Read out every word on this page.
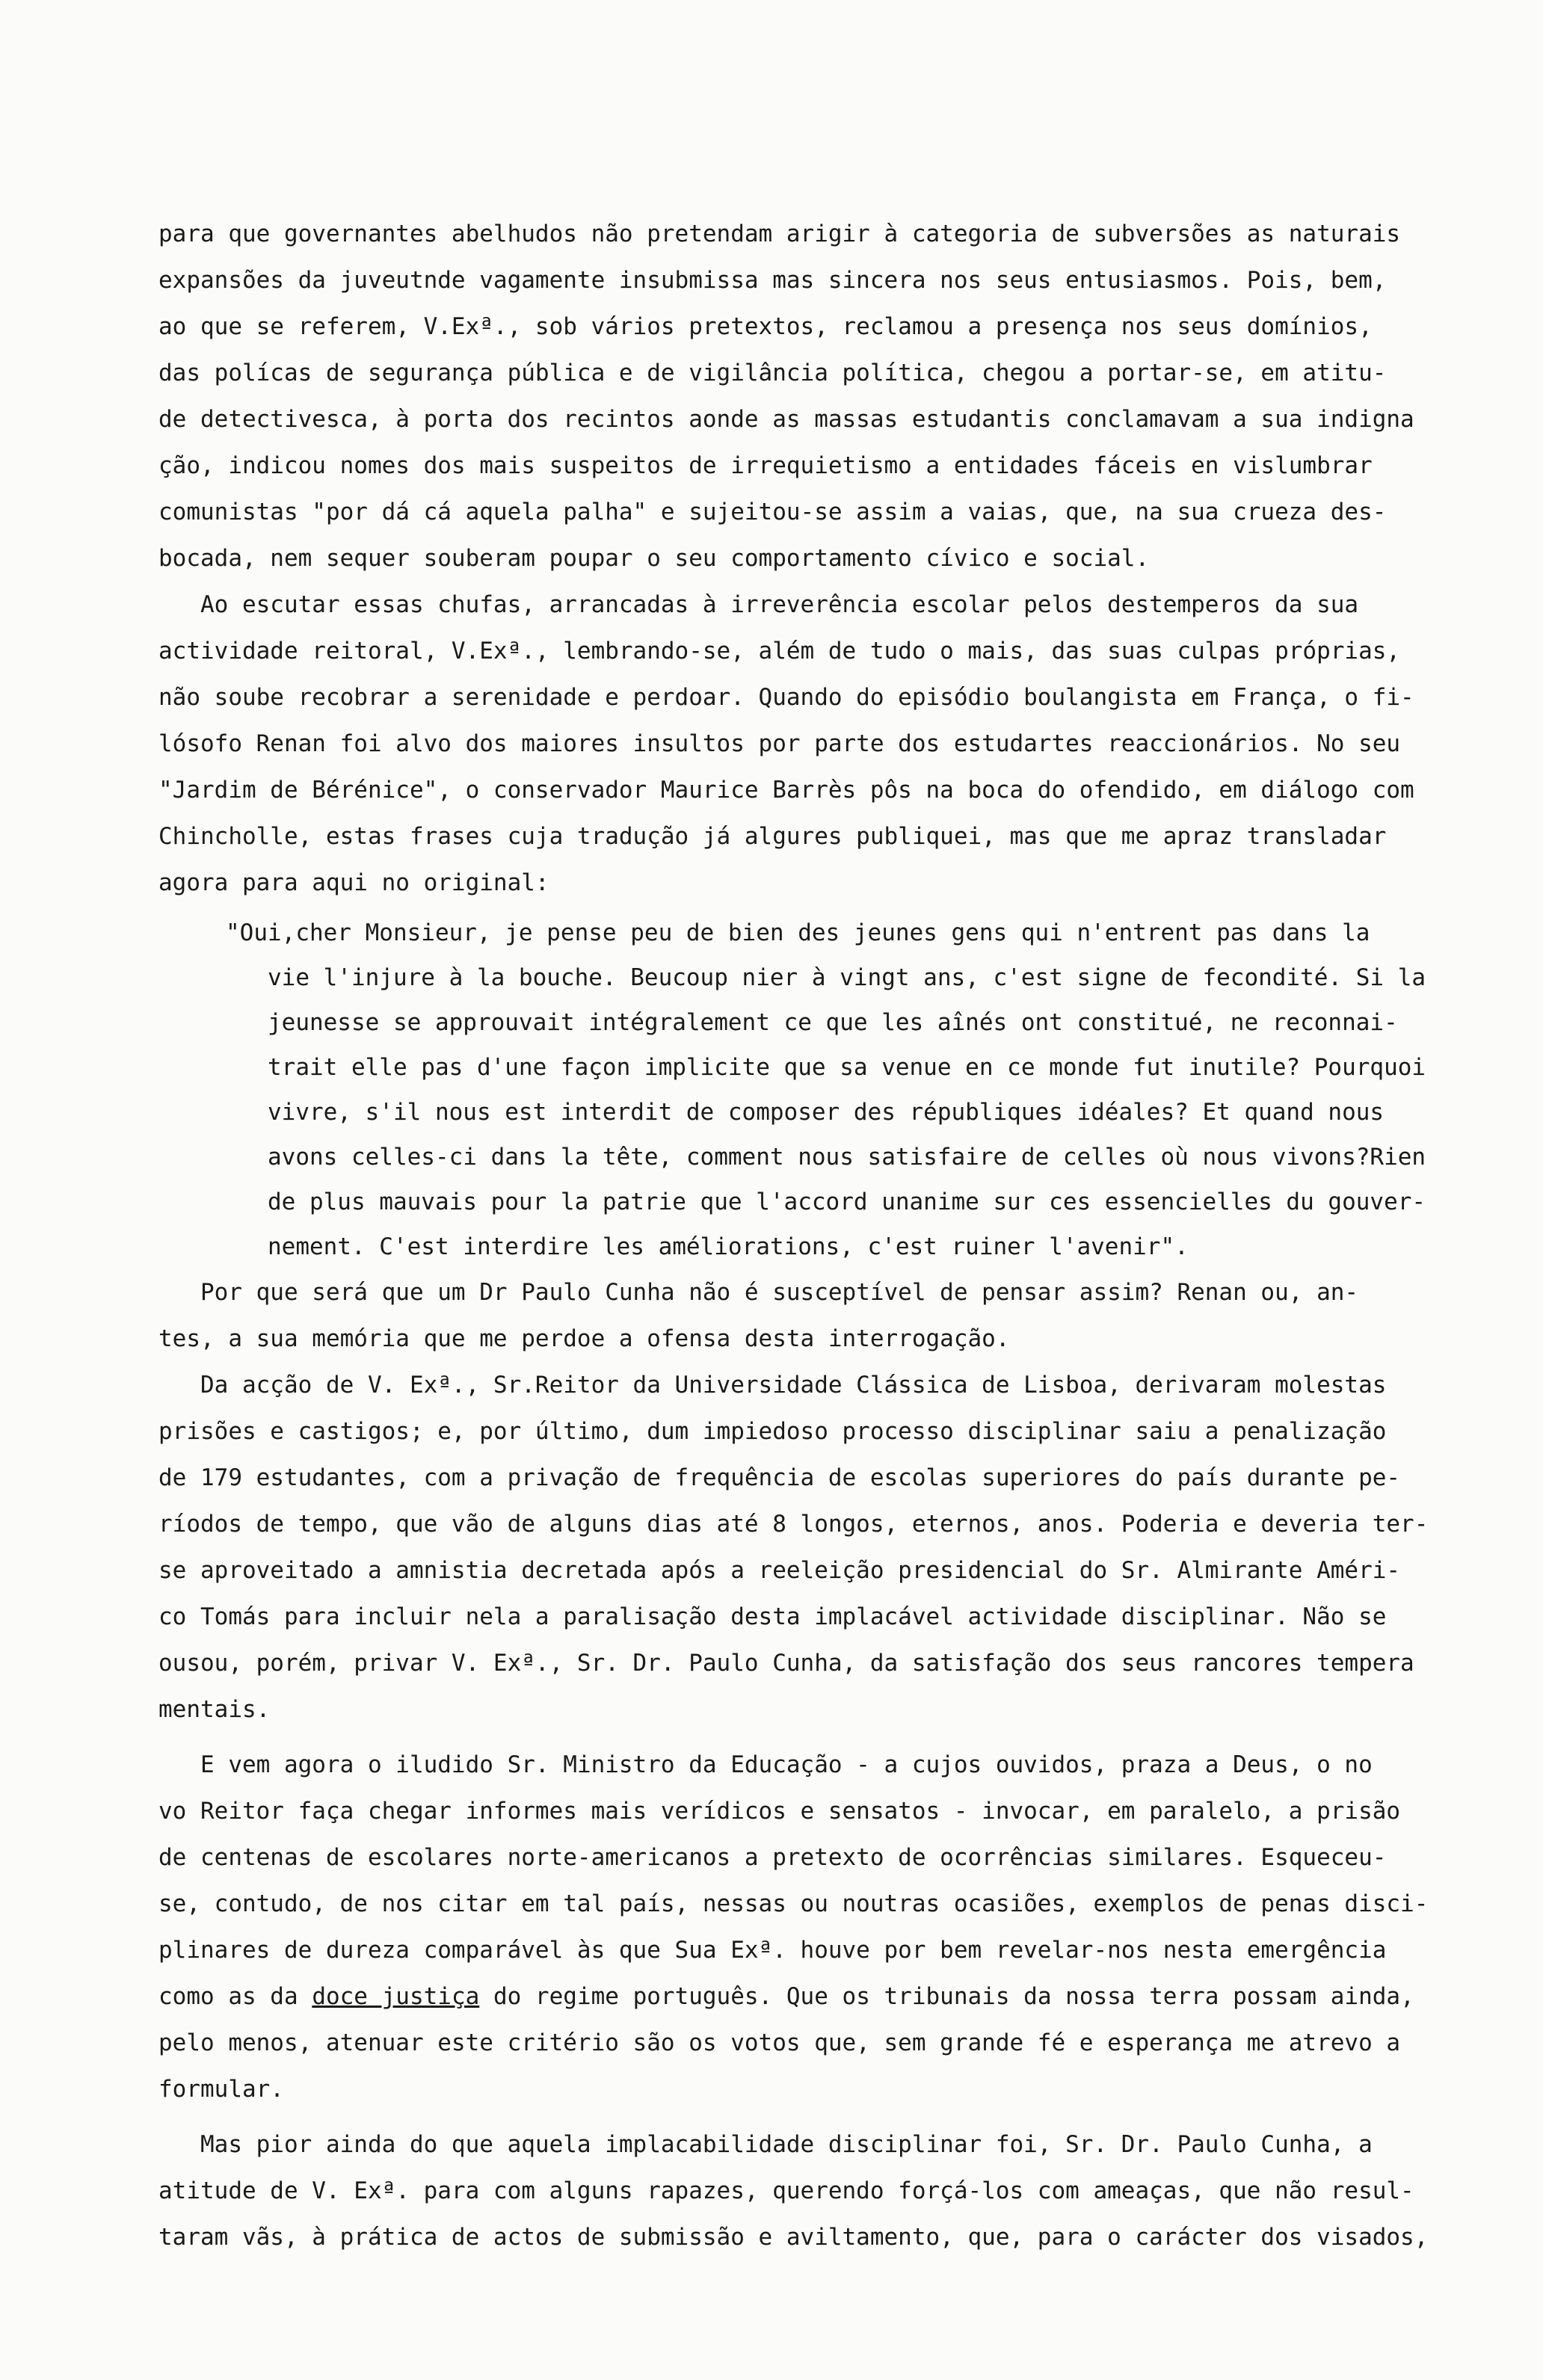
para que governantes abelhudos não pretendam arigir à categoria de subversões as naturais
expansões da juveutnde vagamente insubmissa mas sincera nos seus entusiasmos. Pois, bem,
ao que se referem, V.Exª., sob vários pretextos, reclamou a presença nos seus domínios,
das polícas de segurança pública e de vigilância política, chegou a portar-se, em atitu-
de detectivesca, à porta dos recintos aonde as massas estudantis conclamavam a sua indigna
ção, indicou nomes dos mais suspeitos de irrequietismo a entidades fáceis en vislumbrar
comunistas "por dá cá aquela palha" e sujeitou-se assim a vaias, que, na sua crueza des-
bocada, nem sequer souberam poupar o seu comportamento cívico e social.
Ao escutar essas chufas, arrancadas à irreverência escolar pelos destemperos da sua
actividade reitoral, V.Exª., lembrando-se, além de tudo o mais, das suas culpas próprias,
não soube recobrar a serenidade e perdoar. Quando do episódio boulangista em França, o fi-
lósofo Renan foi alvo dos maiores insultos por parte dos estudartes reaccionários. No seu
"Jardim de Bérénice", o conservador Maurice Barrès pôs na boca do ofendido, em diálogo com
Chincholle, estas frases cuja tradução já algures publiquei, mas que me apraz transladar
agora para aqui no original:
"Oui,cher Monsieur, je pense peu de bien des jeunes gens qui n'entrent pas dans la
vie l'injure à la bouche. Beucoup nier à vingt ans, c'est signe de fecondité. Si la
jeunesse se approuvait intégralement ce que les aînés ont constitué, ne reconnai-
trait elle pas d'une façon implicite que sa venue en ce monde fut inutile? Pourquoi
vivre, s'il nous est interdit de composer des républiques idéales? Et quand nous
avons celles-ci dans la tête, comment nous satisfaire de celles où nous vivons?Rien
de plus mauvais pour la patrie que l'accord unanime sur ces essencielles du gouver-
nement. C'est interdire les améliorations, c'est ruiner l'avenir".
Por que será que um Dr Paulo Cunha não é susceptível de pensar assim? Renan ou, an-
tes, a sua memória que me perdoe a ofensa desta interrogação.
Da acção de V. Exª., Sr.Reitor da Universidade Clássica de Lisboa, derivaram molestas
prisões e castigos; e, por último, dum impiedoso processo disciplinar saiu a penalização
de 179 estudantes, com a privação de frequência de escolas superiores do país durante pe-
ríodos de tempo, que vão de alguns dias até 8 longos, eternos, anos. Poderia e deveria ter-
se aproveitado a amnistia decretada após a reeleição presidencial do Sr. Almirante Améri-
co Tomás para incluir nela a paralisação desta implacável actividade disciplinar. Não se
ousou, porém, privar V. Exª., Sr. Dr. Paulo Cunha, da satisfação dos seus rancores tempera
mentais.
E vem agora o iludido Sr. Ministro da Educação - a cujos ouvidos, praza a Deus, o no
vo Reitor faça chegar informes mais verídicos e sensatos - invocar, em paralelo, a prisão
de centenas de escolares norte-americanos a pretexto de ocorrências similares. Esqueceu-
se, contudo, de nos citar em tal país, nessas ou noutras ocasiões, exemplos de penas disci-
plinares de dureza comparável às que Sua Exª. houve por bem revelar-nos nesta emergência
como as da doce justiça do regime português. Que os tribunais da nossa terra possam ainda,
pelo menos, atenuar este critério são os votos que, sem grande fé e esperança me atrevo a
formular.
Mas pior ainda do que aquela implacabilidade disciplinar foi, Sr. Dr. Paulo Cunha, a
atitude de V. Exª. para com alguns rapazes, querendo forçá-los com ameaças, que não resul-
taram vãs, à prática de actos de submissão e aviltamento, que, para o carácter dos visados,
